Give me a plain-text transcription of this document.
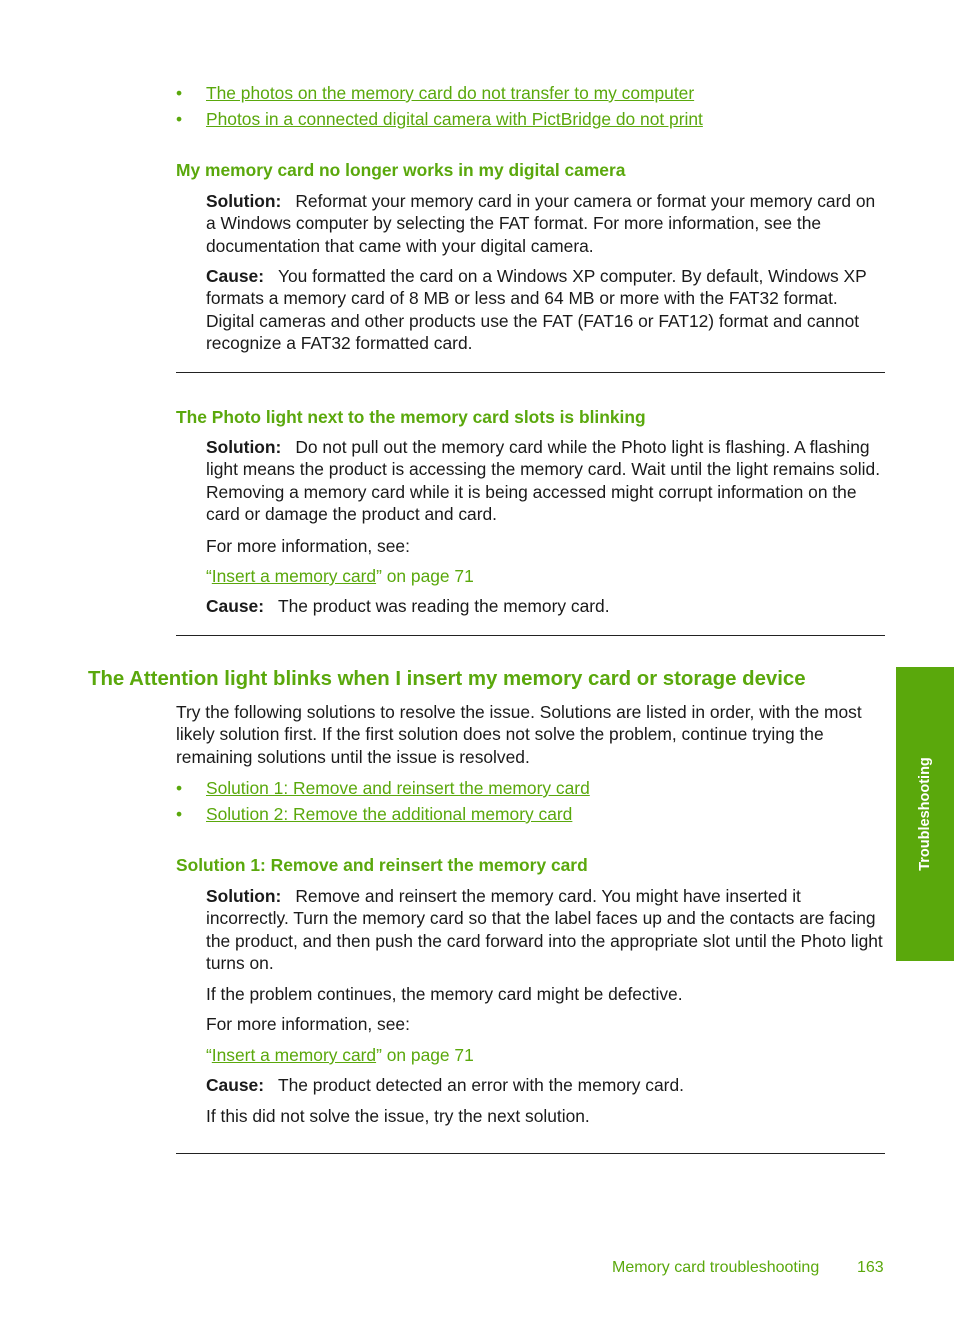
• The photos on the memory card do not transfer to my computer
• Photos in a connected digital camera with PictBridge do not print
My memory card no longer works in my digital camera
Solution: Reformat your memory card in your camera or format your memory card on a Windows computer by selecting the FAT format. For more information, see the documentation that came with your digital camera.
Cause: You formatted the card on a Windows XP computer. By default, Windows XP formats a memory card of 8 MB or less and 64 MB or more with the FAT32 format. Digital cameras and other products use the FAT (FAT16 or FAT12) format and cannot recognize a FAT32 formatted card.
The Photo light next to the memory card slots is blinking
Solution: Do not pull out the memory card while the Photo light is flashing. A flashing light means the product is accessing the memory card. Wait until the light remains solid. Removing a memory card while it is being accessed might corrupt information on the card or damage the product and card.
For more information, see:
“Insert a memory card” on page 71
Cause: The product was reading the memory card.
The Attention light blinks when I insert my memory card or storage device
Try the following solutions to resolve the issue. Solutions are listed in order, with the most likely solution first. If the first solution does not solve the problem, continue trying the remaining solutions until the issue is resolved.
• Solution 1: Remove and reinsert the memory card
• Solution 2: Remove the additional memory card
Solution 1: Remove and reinsert the memory card
Solution: Remove and reinsert the memory card. You might have inserted it incorrectly. Turn the memory card so that the label faces up and the contacts are facing the product, and then push the card forward into the appropriate slot until the Photo light turns on.
If the problem continues, the memory card might be defective.
For more information, see:
“Insert a memory card” on page 71
Cause: The product detected an error with the memory card.
If this did not solve the issue, try the next solution.
Troubleshooting
Memory card troubleshooting 163
